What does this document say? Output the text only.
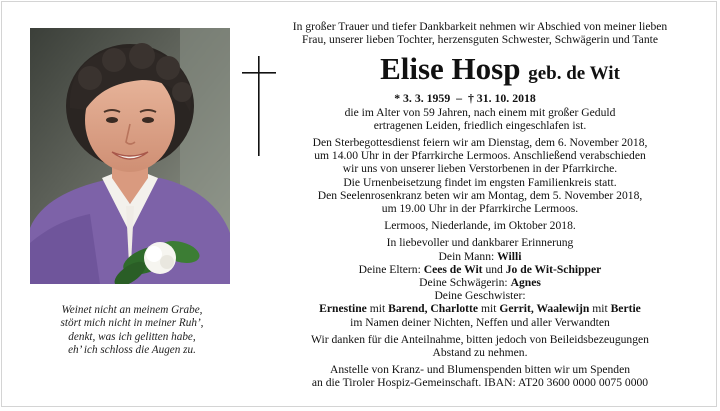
Weinet nicht an meinem Grabe,
stört mich nicht in meiner Ruh’,
denkt, was ich gelitten habe,
eh’ ich schloss die Augen zu.
In großer Trauer und tiefer Dankbarkeit nehmen wir Abschied von meiner lieben
Frau, unserer lieben Tochter, herzensguten Schwester, Schwägerin und Tante
Elise Hosp geb. de Wit
* 3. 3. 1959 – † 31. 10. 2018
die im Alter von 59 Jahren, nach einem mit großer Geduld
ertragenen Leiden, friedlich eingeschlafen ist.
Den Sterbegottesdienst feiern wir am Dienstag, dem 6. November 2018,
um 14.00 Uhr in der Pfarrkirche Lermoos. Anschließend verabschieden
wir uns von unserer lieben Verstorbenen in der Pfarrkirche.
Die Urnenbeisetzung findet im engsten Familienkreis statt.
Den Seelenrosenkranz beten wir am Montag, dem 5. November 2018,
um 19.00 Uhr in der Pfarrkirche Lermoos.
Lermoos, Niederlande, im Oktober 2018.
In liebevoller und dankbarer Erinnerung
Dein Mann: Willi
Deine Eltern: Cees de Wit und Jo de Wit-Schipper
Deine Schwägerin: Agnes
Deine Geschwister:
Ernestine mit Barend, Charlotte mit Gerrit, Waalewijn mit Bertie
im Namen deiner Nichten, Neffen und aller Verwandten
Wir danken für die Anteilnahme, bitten jedoch von Beileidsbezeugungen
Abstand zu nehmen.
Anstelle von Kranz- und Blumenspenden bitten wir um Spenden
an die Tiroler Hospiz-Gemeinschaft. IBAN: AT20 3600 0000 0075 0000
